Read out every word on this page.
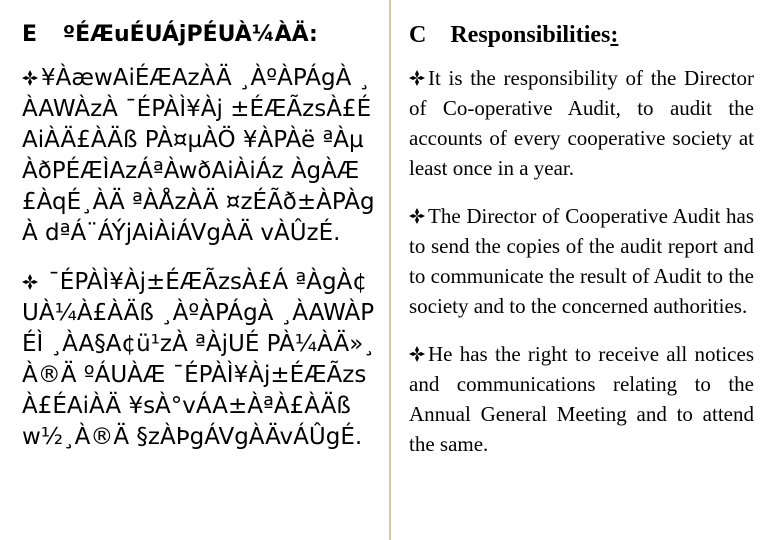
E ºÉÆuÉUÁjPÉUÀ¼ÀÄ:

¥ÀæwAiÉÆAzÀÄ ¸ÀºÀPÁgÀ ¸ÀAWÀzÀ ¯ÉPÀÌ¥Àj ±ÉÆÃzsÀ£ÉAiÀÄ£ÀÄß PÀ¤µÀÖ ¥ÀPÀë ªÀµÀðPÉÆÌAzÁªÀwðAiÀiÁz ÀgÀÆ £ÀqÉ¸ÀÄ ªÀÅzÀÄ ¤zÉÃð±ÀPÀgÀ dªÁ¨ÁÝjAiÀiÁVgÀÄ vÀÛzÉ.

¯ÉPÀÌ¥Àj±ÉÆÃzsÀ£Á ªÀgÀ¢UÀ¼À£ÀÄß ¸ÀºÀPÁgÀ ¸ÀAWÀPÉÌ ¸ÀA§A¢ü¹zÀ ªÀjUÉ PÀ¼ÀÄ»¸À®Ä ºÁUÀÆ ¯ÉPÀÌ¥Àj±ÉÆÃzsÀ£ÉAiÀÄ ¥sÀ°vÁA±ÀªÀ£ÀÄß w½¸À®Ä §zÀÞgÁVgÀÄvÁÛgÉ.

C Responsibilities:

It is the responsibility of the Director of Co-operative Audit, to audit the accounts of every cooperative society at least once in a year.

The Director of Cooperative Audit has to send the copies of the audit report and to communicate the result of Audit to the society and to the concerned authorities.

He has the right to receive all notices and communications relating to the Annual General Meeting and to attend the same.
